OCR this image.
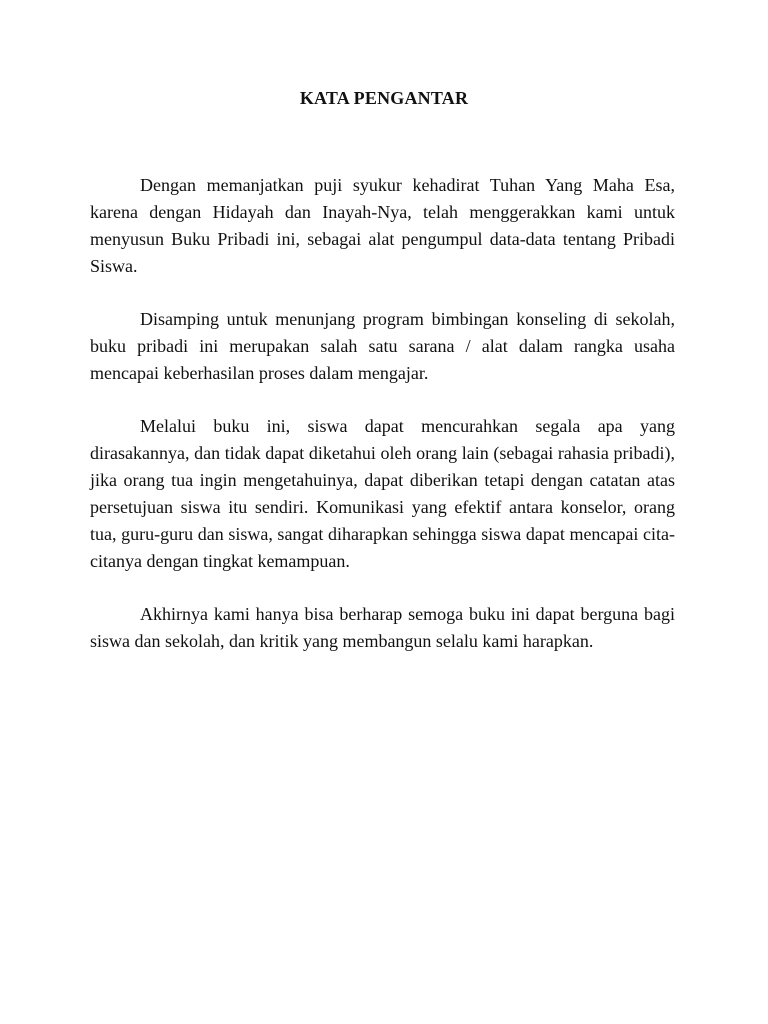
KATA PENGANTAR

Dengan memanjatkan puji syukur kehadirat Tuhan Yang Maha Esa, karena dengan Hidayah dan Inayah-Nya, telah menggerakkan kami untuk menyusun Buku Pribadi ini, sebagai alat pengumpul data-data tentang Pribadi Siswa.

Disamping untuk menunjang program bimbingan konseling di sekolah, buku pribadi ini merupakan salah satu sarana / alat dalam rangka usaha mencapai keberhasilan proses dalam mengajar.

Melalui buku ini, siswa dapat mencurahkan segala apa yang dirasakannya, dan tidak dapat diketahui oleh orang lain (sebagai rahasia pribadi), jika orang tua ingin mengetahuinya, dapat diberikan tetapi dengan catatan atas persetujuan siswa itu sendiri. Komunikasi yang efektif antara konselor, orang tua, guru-guru dan siswa, sangat diharapkan sehingga siswa dapat mencapai cita-citanya dengan tingkat kemampuan.

Akhirnya kami hanya bisa berharap semoga buku ini dapat berguna bagi siswa dan sekolah, dan kritik yang membangun selalu kami harapkan.
